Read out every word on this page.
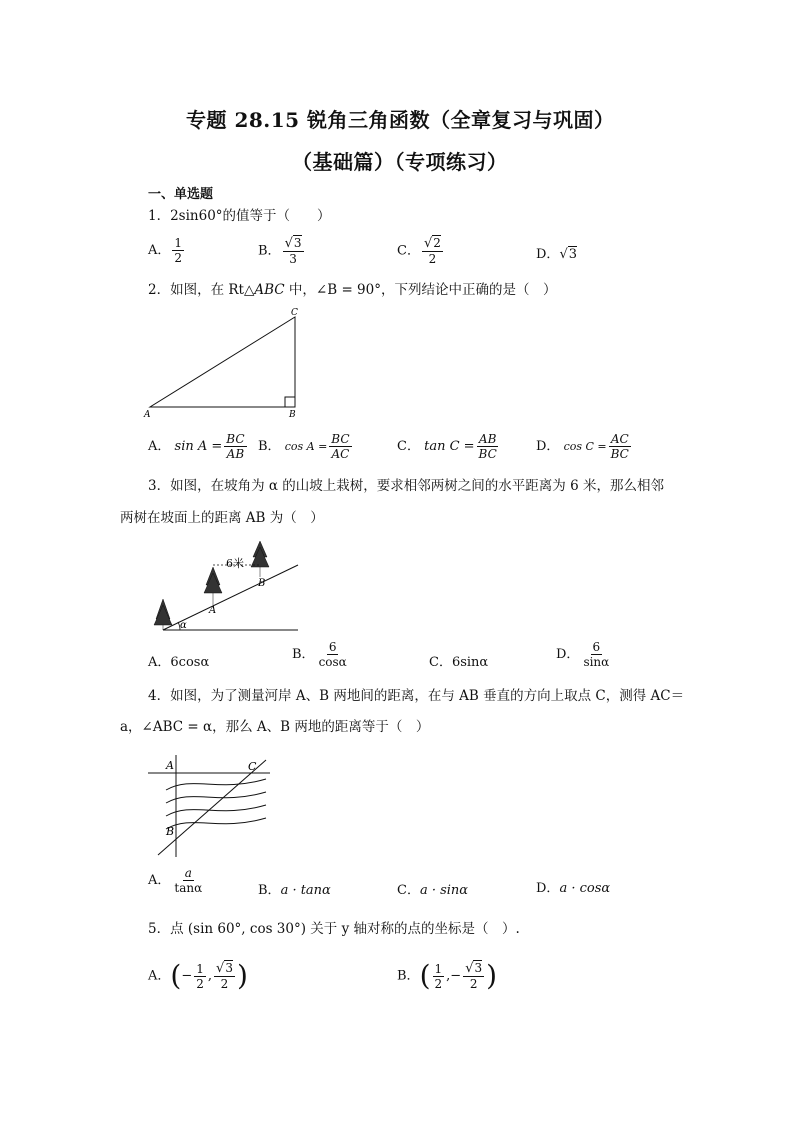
专题 28.15 锐角三角函数（全章复习与巩固）
（基础篇）（专项练习）
一、单选题
1．2sin60°的值等于（　　）
A． $\frac{1}{2}$	B． $\frac{√3}{3}$	C． $\frac{√2}{2}$	D．√3
2．如图，在 Rt△ABC 中，∠B = 90°，下列结论中正确的是（　）
A	B
C
A． $\sin A = \frac{BC}{AB}$ B． $\cos A = \frac{BC}{AC}$	C． $\tan C = \frac{AB}{BC}$	D． $\cos C = \frac{AC}{BC}$
3．如图，在坡角为 α 的山坡上栽树，要求相邻两树之间的水平距离为 6 米，那么相邻
两树在坡面上的距离 AB 为（　）
6米
A
B
α
A．6cosα
B． $\frac{6}{\cos\alpha}$	C．6sinα
D． $\frac{6}{\sin\alpha}$
4．如图，为了测量河岸 A、B 两地间的距离，在与 AB 垂直的方向上取点 C，测得 AC＝
a，∠ABC = α，那么 A、B 两地的距离等于（　）
A
B
C
A． $\frac{a}{\tan\alpha}$	B．a · tanα	C．a · sinα	D．a · cosα
5．点 (sin 60°, cos 30°) 关于 y 轴对称的点的坐标是（　）.
A．(− $\frac{1}{2}$ , $\frac{√3}{2}$ )	B．( $\frac{1}{2}$ ,− $\frac{√3}{2}$ )
